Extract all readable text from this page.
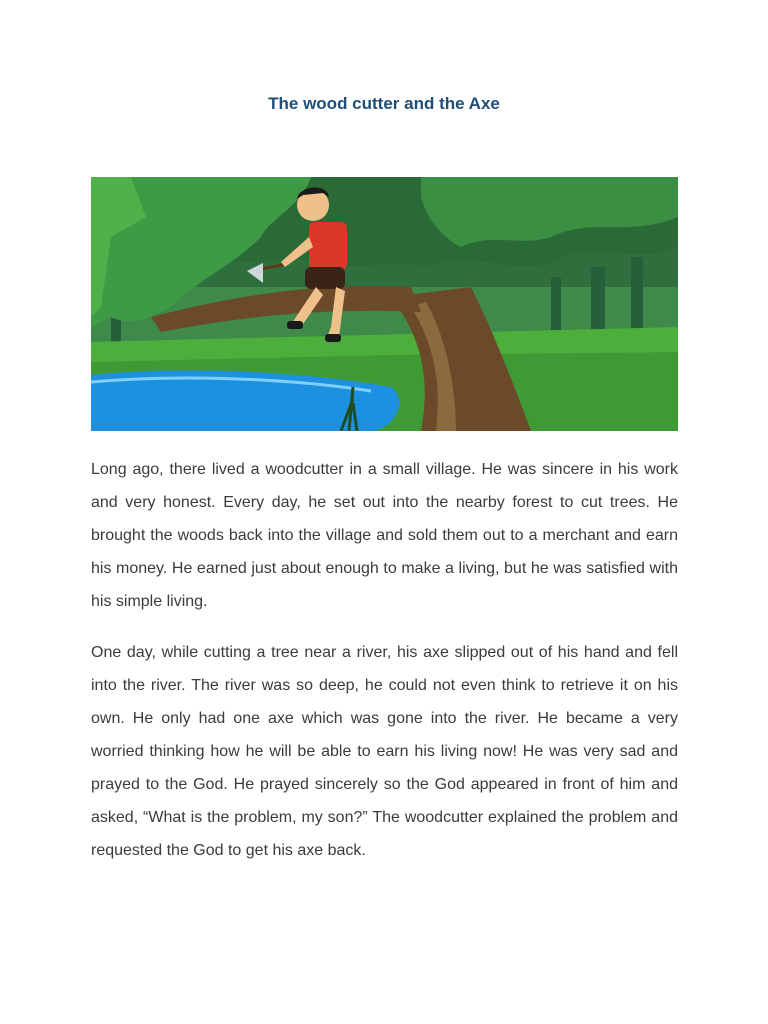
The wood cutter and the Axe

Long ago, there lived a woodcutter in a small village. He was sincere in his work and very honest. Every day, he set out into the nearby forest to cut trees. He brought the woods back into the village and sold them out to a merchant and earn his money. He earned just about enough to make a living, but he was satisfied with his simple living.

One day, while cutting a tree near a river, his axe slipped out of his hand and fell into the river. The river was so deep, he could not even think to retrieve it on his own. He only had one axe which was gone into the river. He became a very worried thinking how he will be able to earn his living now! He was very sad and prayed to the God. He prayed sincerely so the God appeared in front of him and asked, “What is the problem, my son?” The woodcutter explained the problem and requested the God to get his axe back.
